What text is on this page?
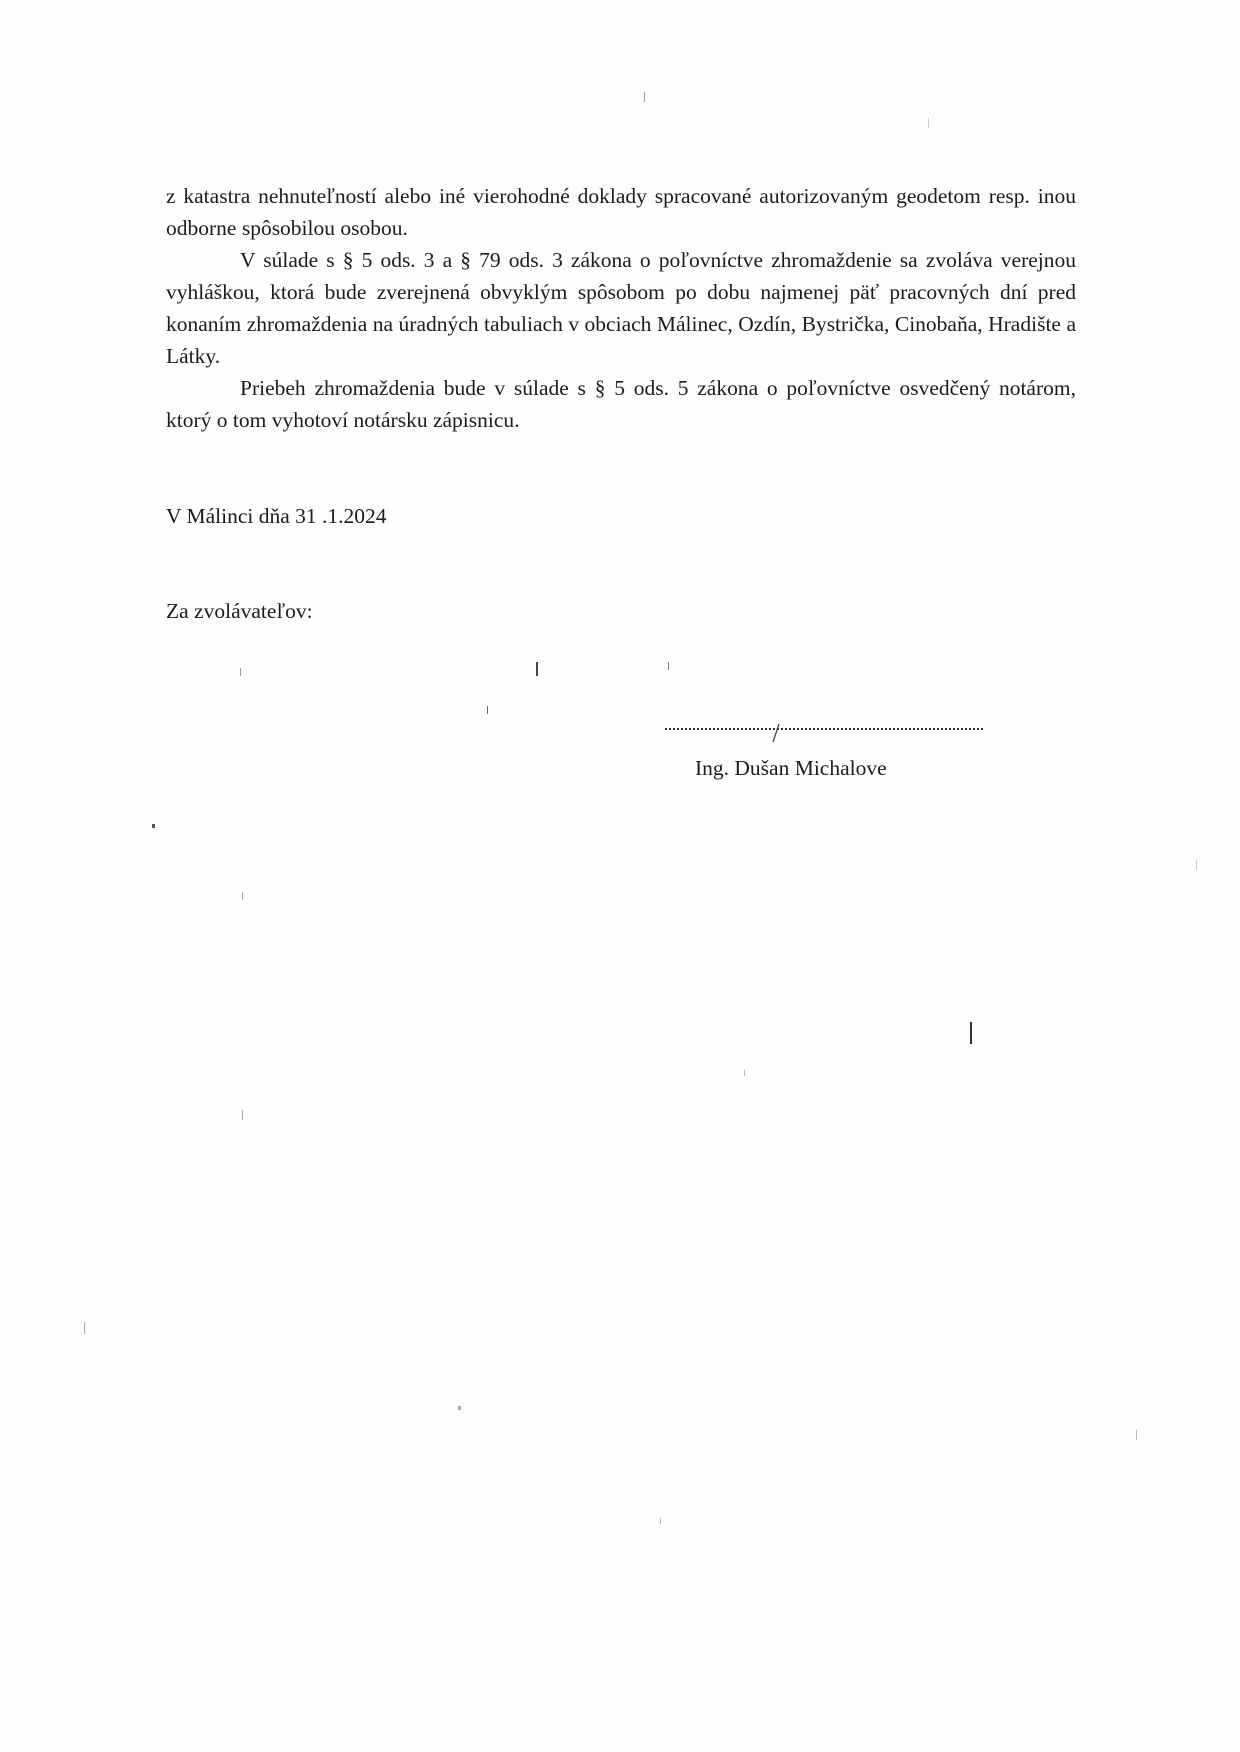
z katastra nehnuteľností alebo iné vierohodné doklady spracované autorizovaným geodetom resp. inou odborne spôsobilou osobou.

V súlade s § 5 ods. 3 a § 79 ods. 3 zákona o poľovníctve zhromaždenie sa zvoláva verejnou vyhláškou, ktorá bude zverejnená obvyklým spôsobom po dobu najmenej päť pracovných dní pred konaním zhromaždenia na úradných tabuliach v obciach Málinec, Ozdín, Bystrička, Cinobaňa, Hradište a Látky.

Priebeh zhromaždenia bude v súlade s § 5 ods. 5 zákona o poľovníctve osvedčený notárom, ktorý o tom vyhotoví notársku zápisnicu.

V Málinci dňa 31 .1.2024
Za zvolávateľov:
Ing. Dušan Michalove
